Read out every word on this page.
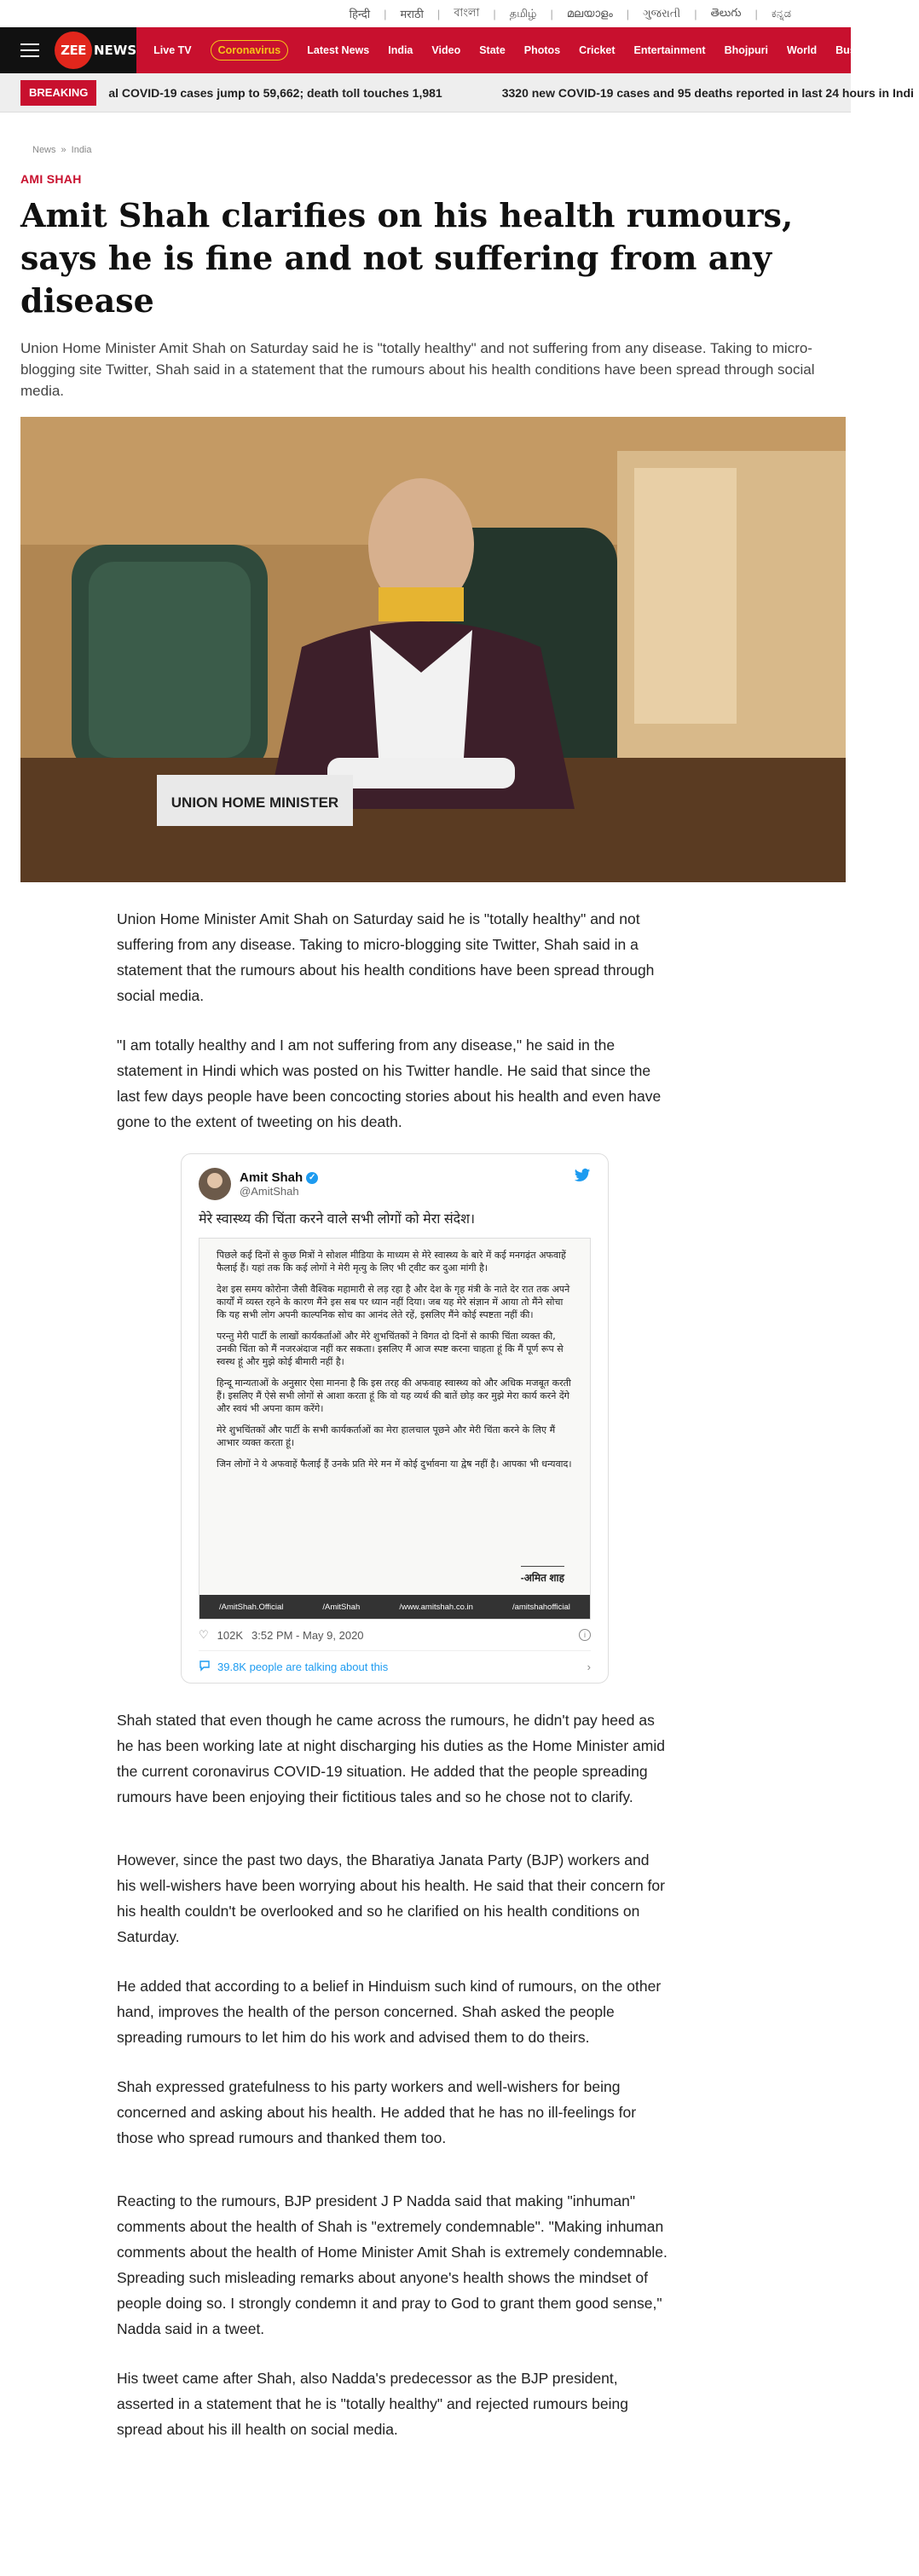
हिन्दी | मराठी | বাংলা | தமிழ் | മലയാളം | ગુજરાતી | తెలుగు | ಕನ್ನಡ
ZEE NEWS Live TV	Coronavirus	Latest News India Video State Photos Cricket Entertainment Bhojpuri World Business Tec
BREAKING	al COVID-19 cases jump to 59,662; death toll touches 1,981	3320 new COVID-19 cases and 95 deaths reported in last 24 hours in Indi
News » India
AMI SHAH
Amit Shah clarifies on his health rumours, says he is fine and not suffering from any disease
Union Home Minister Amit Shah on Saturday said he is "totally healthy" and not suffering from any disease. Taking to micro-blogging site Twitter, Shah said in a statement that the rumours about his health conditions have been spread through social media.
UNION HOME MINISTER

Union Home Minister Amit Shah on Saturday said he is "totally healthy" and not suffering from any disease. Taking to micro-blogging site Twitter, Shah said in a statement that the rumours about his health conditions have been spread through social media.

"I am totally healthy and I am not suffering from any disease," he said in the statement in Hindi which was posted on his Twitter handle. He said that since the last few days people have been concocting stories about his health and even have gone to the extent of tweeting on his death.

Amit Shah ✓
@AmitShah
मेरे स्वास्थ्य की चिंता करने वाले सभी लोगों को मेरा संदेश।
पिछले कई दिनों से कुछ मित्रों ने सोशल मीडिया के माध्यम से मेरे स्वास्थ्य के बारे में कई मनगढ़ंत अफवाहें फैलाई हैं। यहां तक कि कई लोगों ने मेरी मृत्यु के लिए भी ट्वीट कर दुआ मांगी है।
देश इस समय कोरोना जैसी वैश्विक महामारी से लड़ रहा है और देश के गृह मंत्री के नाते देर रात तक अपने कार्यों में व्यस्त रहने के कारण मैंने इस सब पर ध्यान नहीं दिया। जब यह मेरे संज्ञान में आया तो मैंने सोचा कि यह सभी लोग अपनी काल्पनिक सोच का आनंद लेते रहें, इसलिए मैंने कोई स्पष्टता नहीं की।
परन्तु मेरी पार्टी के लाखों कार्यकर्ताओं और मेरे शुभचिंतकों ने विगत दो दिनों से काफी चिंता व्यक्त की, उनकी चिंता को मैं नजरअंदाज नहीं कर सकता। इसलिए मैं आज स्पष्ट करना चाहता हूं कि मैं पूर्ण रूप से स्वस्थ हूं और मुझे कोई बीमारी नहीं है।
हिन्दू मान्यताओं के अनुसार ऐसा मानना है कि इस तरह की अफवाह स्वास्थ्य को और अधिक मजबूत करती हैं। इसलिए मैं ऐसे सभी लोगों से आशा करता हूं कि वो यह व्यर्थ की बातें छोड़ कर मुझे मेरा कार्य करने देंगे और स्वयं भी अपना काम करेंगे।
मेरे शुभचिंतकों और पार्टी के सभी कार्यकर्ताओं का मेरा हालचाल पूछने और मेरी चिंता करने के लिए मैं आभार व्यक्त करता हूं।
जिन लोगों ने ये अफवाहें फैलाई हैं उनके प्रति मेरे मन में कोई दुर्भावना या द्वेष नहीं है। आपका भी धन्यवाद।
-अमित शाह
/AmitShah.Official	/AmitShah	/www.amitshah.co.in	/amitshahofficial
♡ 102K 3:52 PM - May 9, 2020	i
39.8K people are talking about this	›

Shah stated that even though he came across the rumours, he didn't pay heed as he has been working late at night discharging his duties as the Home Minister amid the current coronavirus COVID-19 situation. He added that the people spreading rumours have been enjoying their fictitious tales and so he chose not to clarify.

However, since the past two days, the Bharatiya Janata Party (BJP) workers and his well-wishers have been worrying about his health. He said that their concern for his health couldn't be overlooked and so he clarified on his health conditions on Saturday.

He added that according to a belief in Hinduism such kind of rumours, on the other hand, improves the health of the person concerned. Shah asked the people spreading rumours to let him do his work and advised them to do theirs.

Shah expressed gratefulness to his party workers and well-wishers for being concerned and asking about his health. He added that he has no ill-feelings for those who spread rumours and thanked them too.

Reacting to the rumours, BJP president J P Nadda said that making "inhuman" comments about the health of Shah is "extremely condemnable". "Making inhuman comments about the health of Home Minister Amit Shah is extremely condemnable. Spreading such misleading remarks about anyone's health shows the mindset of people doing so. I strongly condemn it and pray to God to grant them good sense," Nadda said in a tweet.

His tweet came after Shah, also Nadda's predecessor as the BJP president, asserted in a statement that he is "totally healthy" and rejected rumours being spread about his ill health on social media.
